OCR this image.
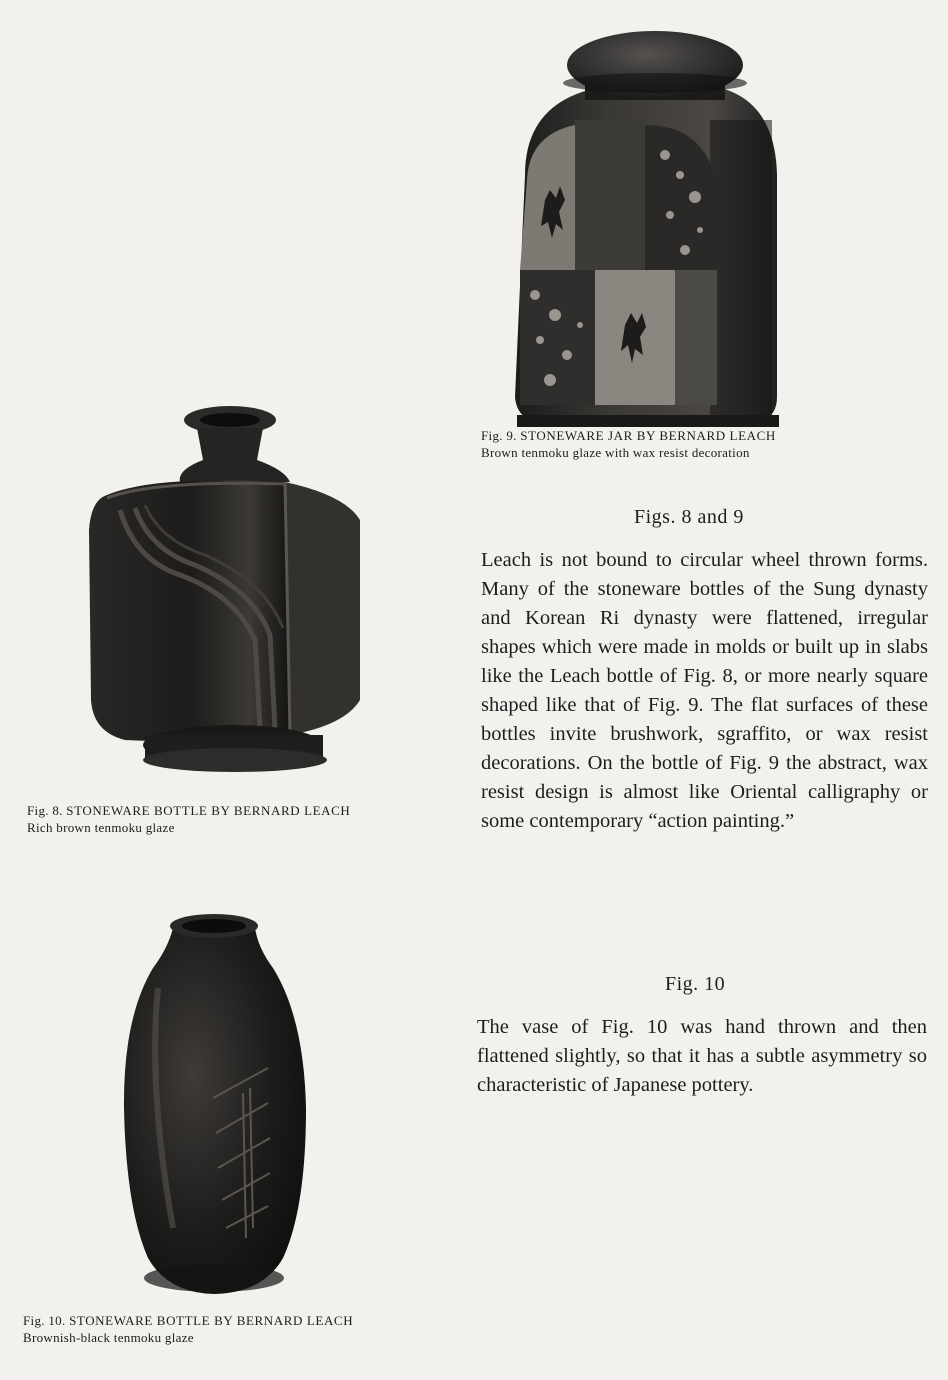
Fig. 9. STONEWARE JAR BY BERNARD LEACH
Brown tenmoku glaze with wax resist decoration
Fig. 8. STONEWARE BOTTLE BY BERNARD LEACH
Rich brown tenmoku glaze
Fig. 10. STONEWARE BOTTLE BY BERNARD LEACH
Brownish-black tenmoku glaze
Figs. 8 and 9
Leach is not bound to circular wheel thrown forms. Many of the stoneware bottles of the Sung dynasty and Korean Ri dynasty were flattened, irregular shapes which were made in molds or built up in slabs like the Leach bottle of Fig. 8, or more nearly square shaped like that of Fig. 9. The flat surfaces of these bottles invite brushwork, sgraffito, or wax resist decorations. On the bottle of Fig. 9 the abstract, wax resist design is almost like Oriental calligraphy or some contemporary “action painting.”
Fig. 10
The vase of Fig. 10 was hand thrown and then flattened slightly, so that it has a subtle asymmetry so characteristic of Japanese pottery.
